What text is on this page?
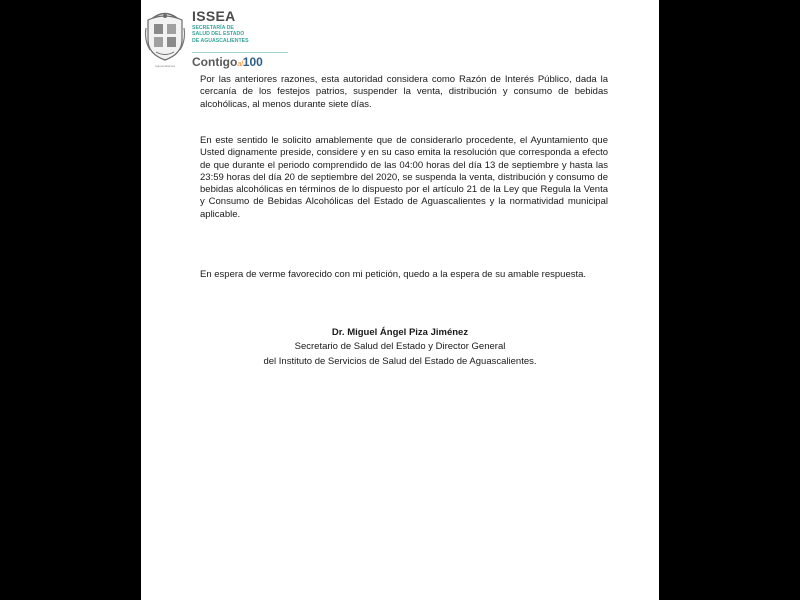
Aguascalientes
ISSEA
SECRETARÍA DE
SALUD DEL ESTADO
DE AGUASCALIENTES
Contigoal100

Por las anteriores razones, esta autoridad considera como Razón de Interés Público, dada la cercanía de los festejos patrios, suspender la venta, distribución y consumo de bebidas alcohólicas, al menos durante siete días.

En este sentido le solicito amablemente que de considerarlo procedente, el Ayuntamiento que Usted dignamente preside, considere y en su caso emita la resolución que corresponda a efecto de que durante el periodo comprendido de las 04:00 horas del día 13 de septiembre y hasta las 23:59 horas del día 20 de septiembre del 2020, se suspenda la venta, distribución y consumo de bebidas alcohólicas en términos de lo dispuesto por el artículo 21 de la Ley que Regula la Venta y Consumo de Bebidas Alcohólicas del Estado de Aguascalientes y la normatividad municipal aplicable.

En espera de verme favorecido con mi petición, quedo a la espera de su amable respuesta.

Dr. Miguel Ángel Piza Jiménez
Secretario de Salud del Estado y Director General
del Instituto de Servicios de Salud del Estado de Aguascalientes.
